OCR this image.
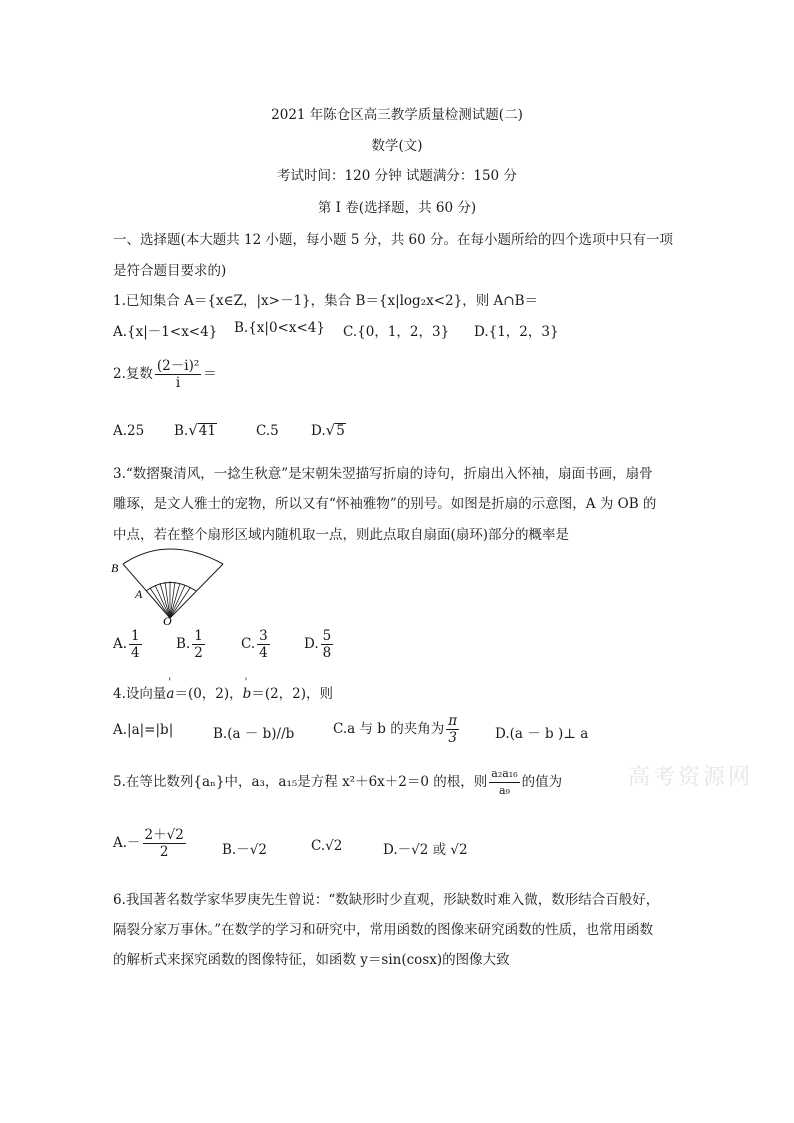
2021 年陈仓区高三教学质量检测试题(二)
数学(文)
考试时间：120 分钟 试题满分：150 分
第 I 卷(选择题，共 60 分)
一、选择题(本大题共 12 小题，每小题 5 分，共 60 分。在每小题所给的四个选项中只有一项
是符合题目要求的)
1.已知集合 A＝{x∈Z，|x>－1}，集合 B＝{x|log₂x<2}，则 A∩B＝
A.{x|－1<x<4} B.{x|0<x<4} C.{0，1，2，3} D.{1，2，3}
2.复数 $\frac{\text{(2－i)²}}{i}$ ＝
A.25 B.√41	C.5 D.√5
3.“数摺聚清风，一捻生秋意”是宋朝朱翌描写折扇的诗句，折扇出入怀袖，扇面书画，扇骨
雕琢，是文人雅士的宠物，所以又有“怀袖雅物”的别号。如图是折扇的示意图，A 为 OB 的
中点，若在整个扇形区域内随机取一点，则此点取自扇面(扇环)部分的概率是
B
A
O
A. $\frac{1}{4}$	B. $\frac{1}{2}$	C. $\frac{3}{4}$	D. $\frac{5}{8}$
4.设向量' a＝(0，2)，' b＝(2，2)，则
A.|a|=|b|	B.(a － b)//b	C.a 与 b 的夹角为 $\frac{\pi}{3}$	D.(a － b )⊥ a
5.在等比数列{aₙ}中，a₃，a₁₅是方程 x²＋6x＋2＝0 的根，则 $\frac{\text{a₂a₁₆}}{\text{a₉}}$ 的值为	高考资源网
$A.- \frac{2+√2}{2}$	B.－√2	C.√2	D.－√2 或 √2
6.我国著名数学家华罗庚先生曾说：“数缺形时少直观，形缺数时难入微，数形结合百般好，
隔裂分家万事休。”在数学的学习和研究中，常用函数的图像来研究函数的性质，也常用函数
的解析式来探究函数的图像特征，如函数 y＝sin(cosx)的图像大致
